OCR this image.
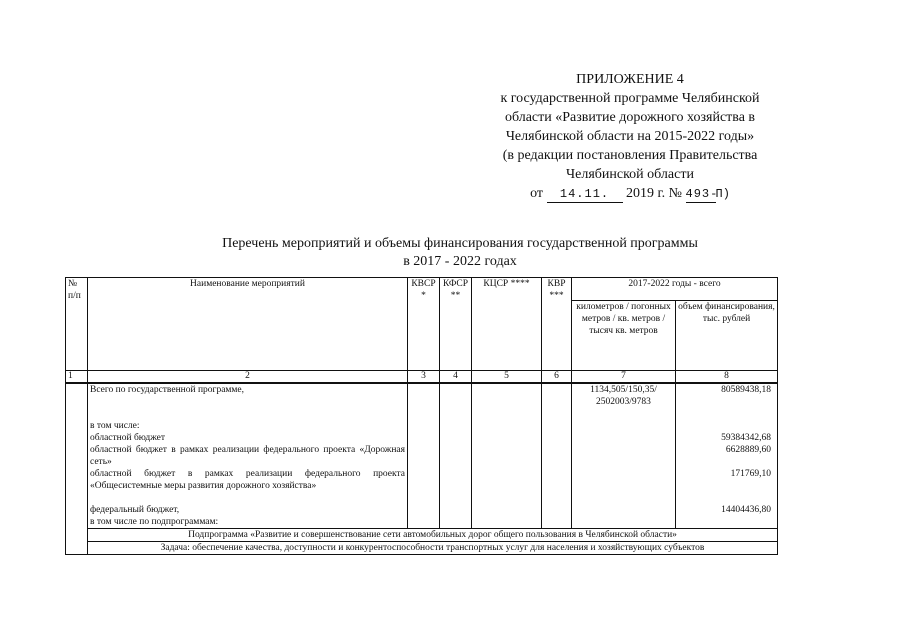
ПРИЛОЖЕНИЕ 4
к государственной программе Челябинской
области «Развитие дорожного хозяйства в
Челябинской области на 2015-2022 годы»
(в редакции постановления Правительства
Челябинской области
от 14.11. 2019 г. № 493-П)
Перечень мероприятий и объемы финансирования государственной программы
в 2017 - 2022 годах
№ п/п	Наименование мероприятий	КВСР *	КФСР **	КЦСР ****	КВР ***	2017-2022 годы - всего	
						километров / погонных метров / кв. метров / тысяч кв. метров	объем финансирования, тыс. рублей
1	2	3	4	5	6	7	8
	Всего по государственной программе,					1134,505/150,35/ 2502003/9783	80589438,18

	в том числе:						
	областной бюджет						59384342,68
	областной бюджет в рамках реализации федерального проекта «Дорожная сеть»						6628889,60
	областной бюджет в рамках реализации федерального проекта «Общесистемные меры развития дорожного хозяйства»						171769,10

	федеральный бюджет,						14404436,80
	в том числе по подпрограммам:						
	Подпрограмма «Развитие и совершенствование сети автомобильных дорог общего пользования в Челябинской области»						
	Задача: обеспечение качества, доступности и конкурентоспособности транспортных услуг для населения и хозяйствующих субъектов						
